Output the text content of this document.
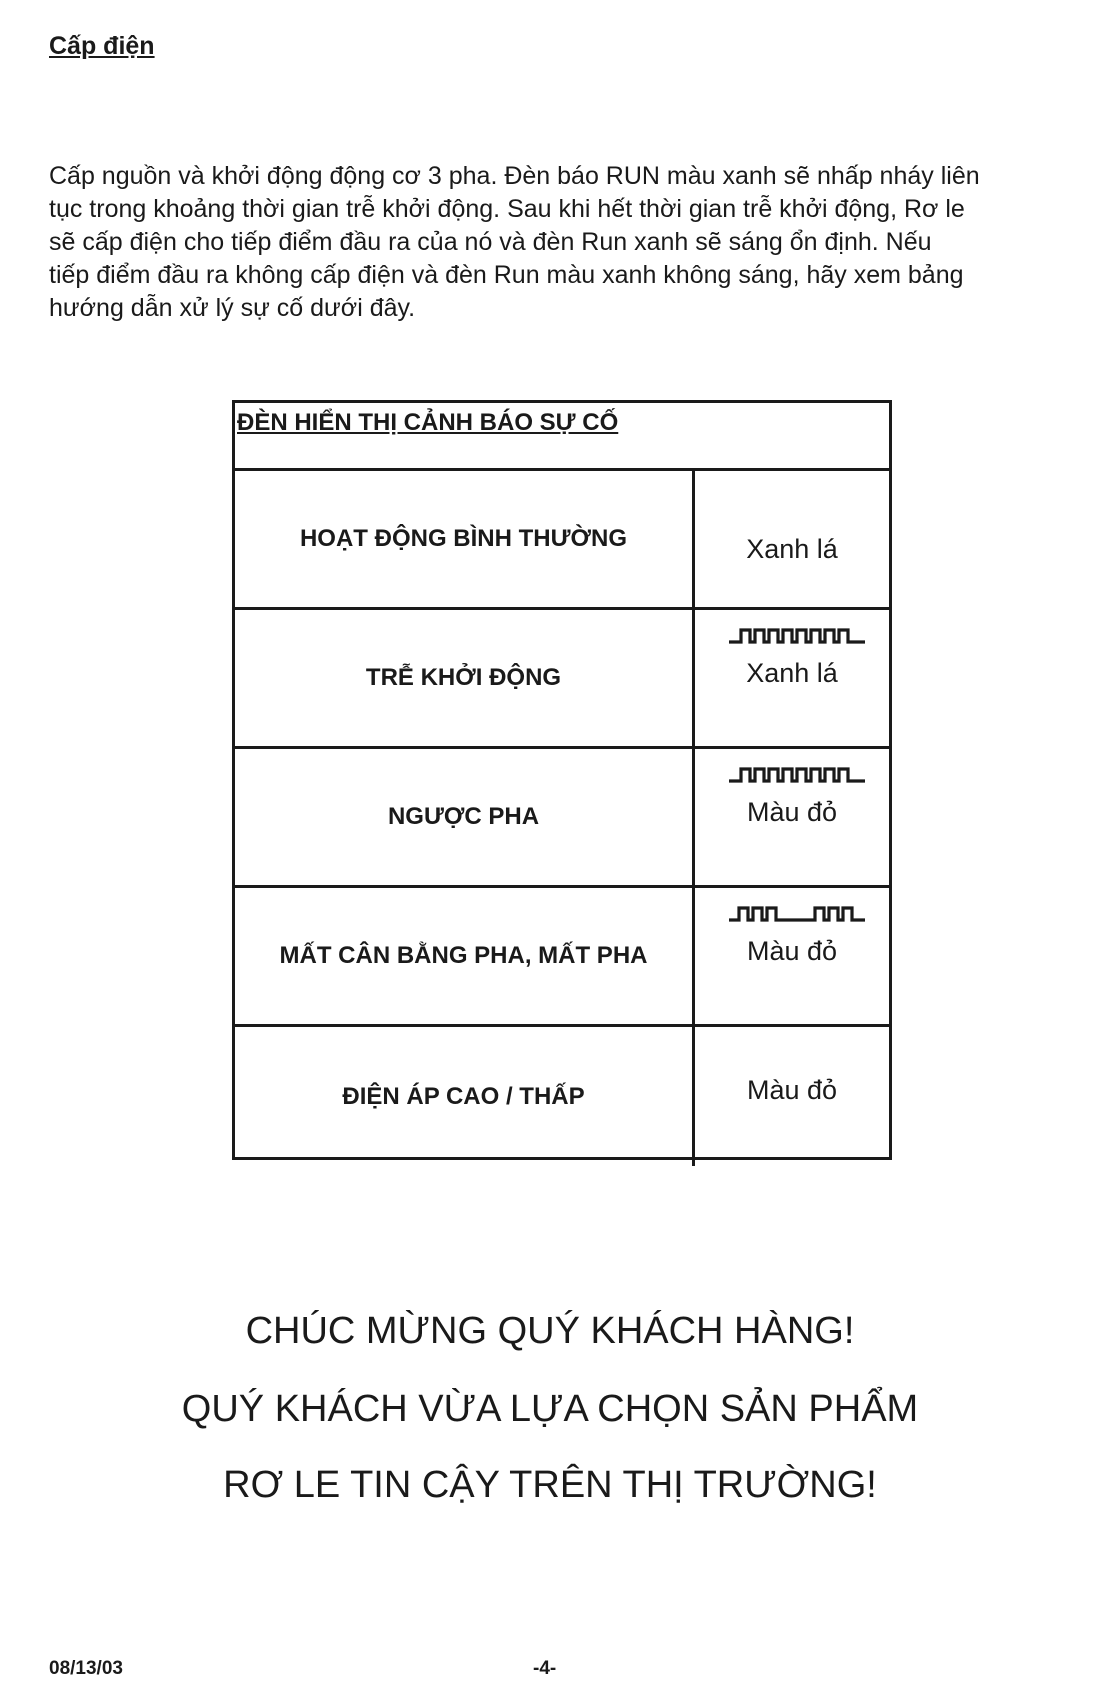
Cấp điện

Cấp nguồn và khởi động động cơ 3 pha. Đèn báo RUN màu xanh sẽ nhấp nháy liên
tục trong khoảng thời gian trễ khởi động. Sau khi hết thời gian trễ khởi động, Rơ le
sẽ cấp điện cho tiếp điểm đầu ra của nó và đèn Run xanh sẽ sáng ổn định. Nếu
tiếp điểm đầu ra không cấp điện và đèn Run màu xanh không sáng, hãy xem bảng
hướng dẫn xử lý sự cố dưới đây.

ĐÈN HIỂN THỊ CẢNH BÁO SỰ CỐ
HOẠT ĐỘNG BÌNH THƯỜNG	Xanh lá
TRỄ KHỞI ĐỘNG	Xanh lá
NGƯỢC PHA	Màu đỏ
MẤT CÂN BẰNG PHA, MẤT PHA	Màu đỏ
ĐIỆN ÁP CAO / THẤP	Màu đỏ
CHÚC MỪNG QUÝ KHÁCH HÀNG!
QUÝ KHÁCH VỪA LỰA CHỌN SẢN PHẨM
RƠ LE TIN CẬY TRÊN THỊ TRƯỜNG!
08/13/03	-4-
